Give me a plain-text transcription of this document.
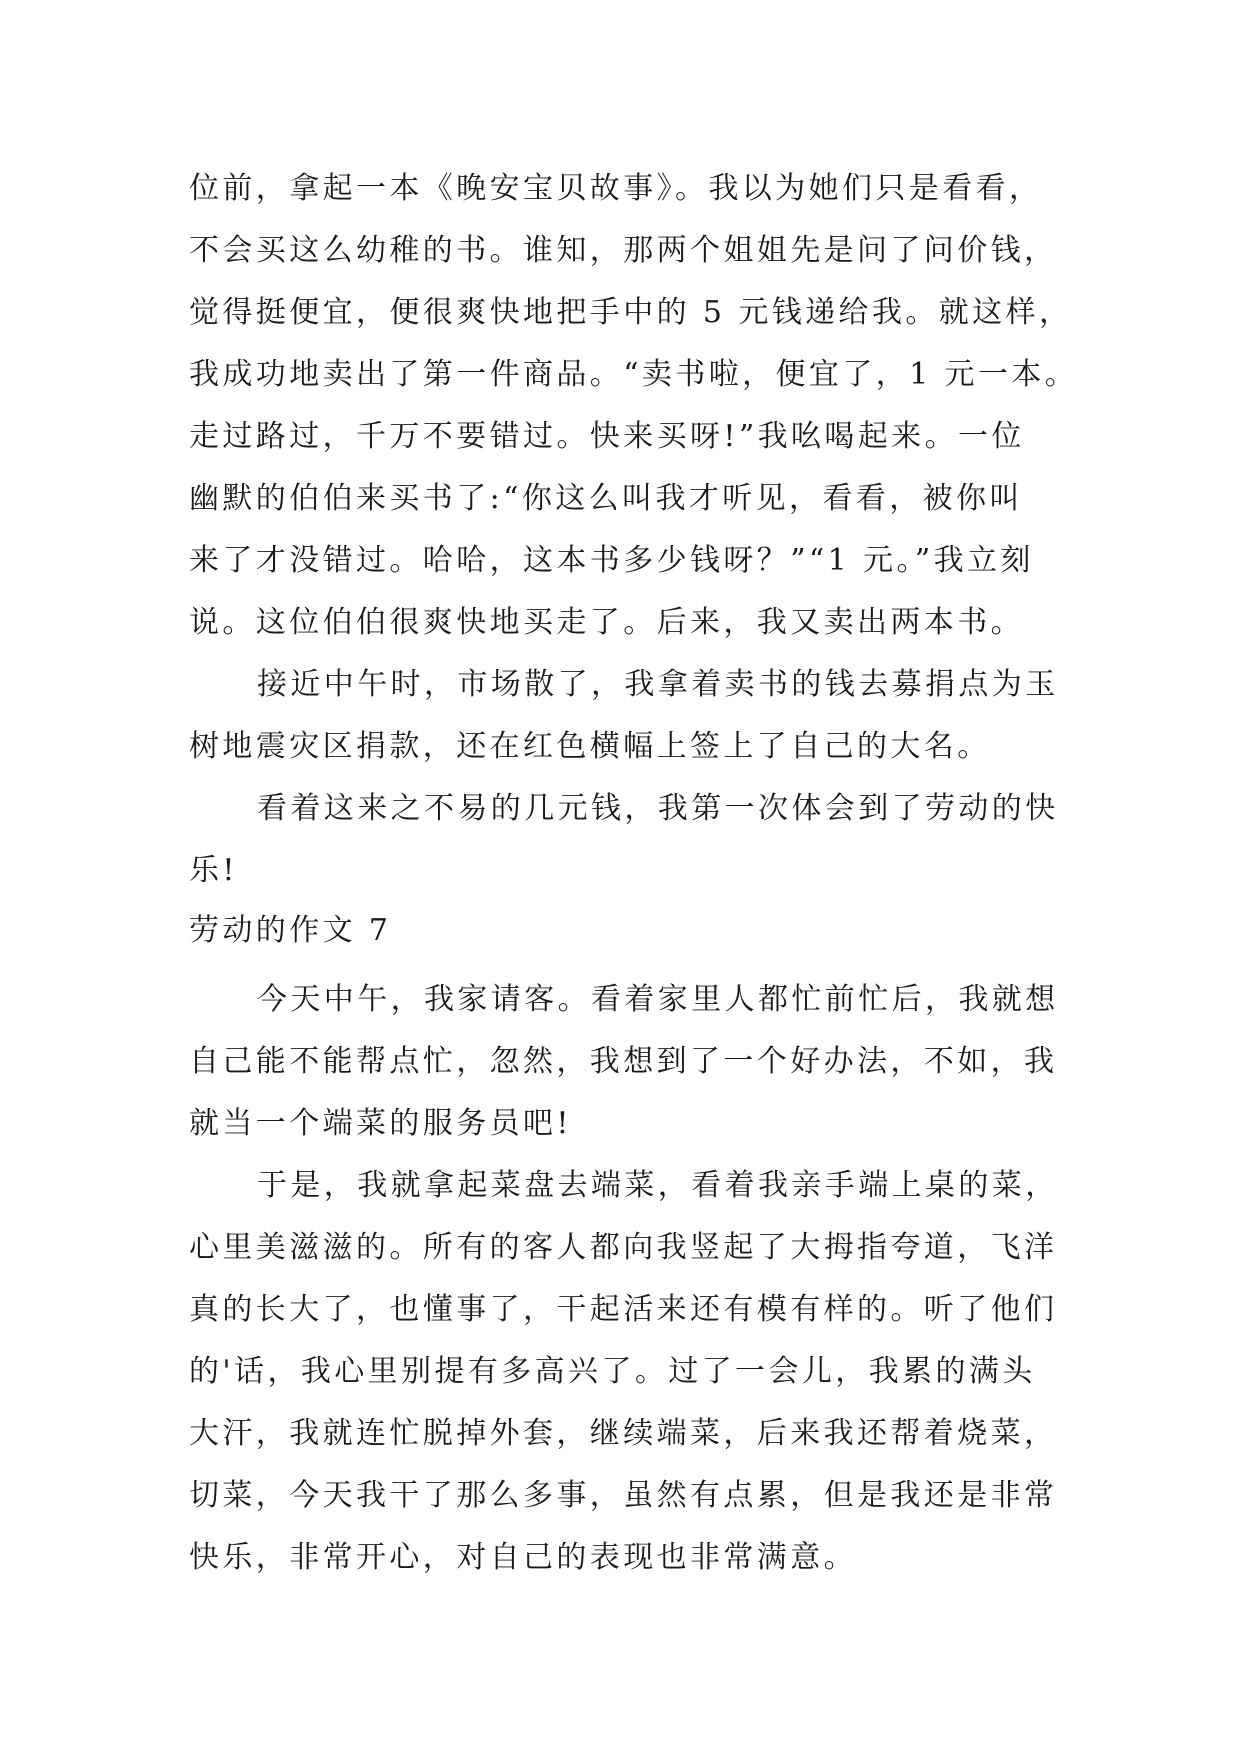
位前，拿起一本《晚安宝贝故事》。我以为她们只是看看，
不会买这么幼稚的书。谁知，那两个姐姐先是问了问价钱，
觉得挺便宜，便很爽快地把手中的 5 元钱递给我。就这样，
我成功地卖出了第一件商品。“卖书啦，便宜了，1 元一本。
走过路过，千万不要错过。快来买呀!”我吆喝起来。一位
幽默的伯伯来买书了:“你这么叫我才听见，看看，被你叫
来了才没错过。哈哈，这本书多少钱呀？”“1 元。”我立刻
说。这位伯伯很爽快地买走了。后来，我又卖出两本书。
接近中午时，市场散了，我拿着卖书的钱去募捐点为玉
树地震灾区捐款，还在红色横幅上签上了自己的大名。
看着这来之不易的几元钱，我第一次体会到了劳动的快
乐!
劳动的作文 7
今天中午，我家请客。看着家里人都忙前忙后，我就想
自己能不能帮点忙，忽然，我想到了一个好办法，不如，我
就当一个端菜的服务员吧!
于是，我就拿起菜盘去端菜，看着我亲手端上桌的菜，
心里美滋滋的。所有的客人都向我竖起了大拇指夸道，飞洋
真的长大了，也懂事了，干起活来还有模有样的。听了他们
的'话，我心里别提有多高兴了。过了一会儿，我累的满头
大汗，我就连忙脱掉外套，继续端菜，后来我还帮着烧菜，
切菜，今天我干了那么多事，虽然有点累，但是我还是非常
快乐，非常开心，对自己的表现也非常满意。
